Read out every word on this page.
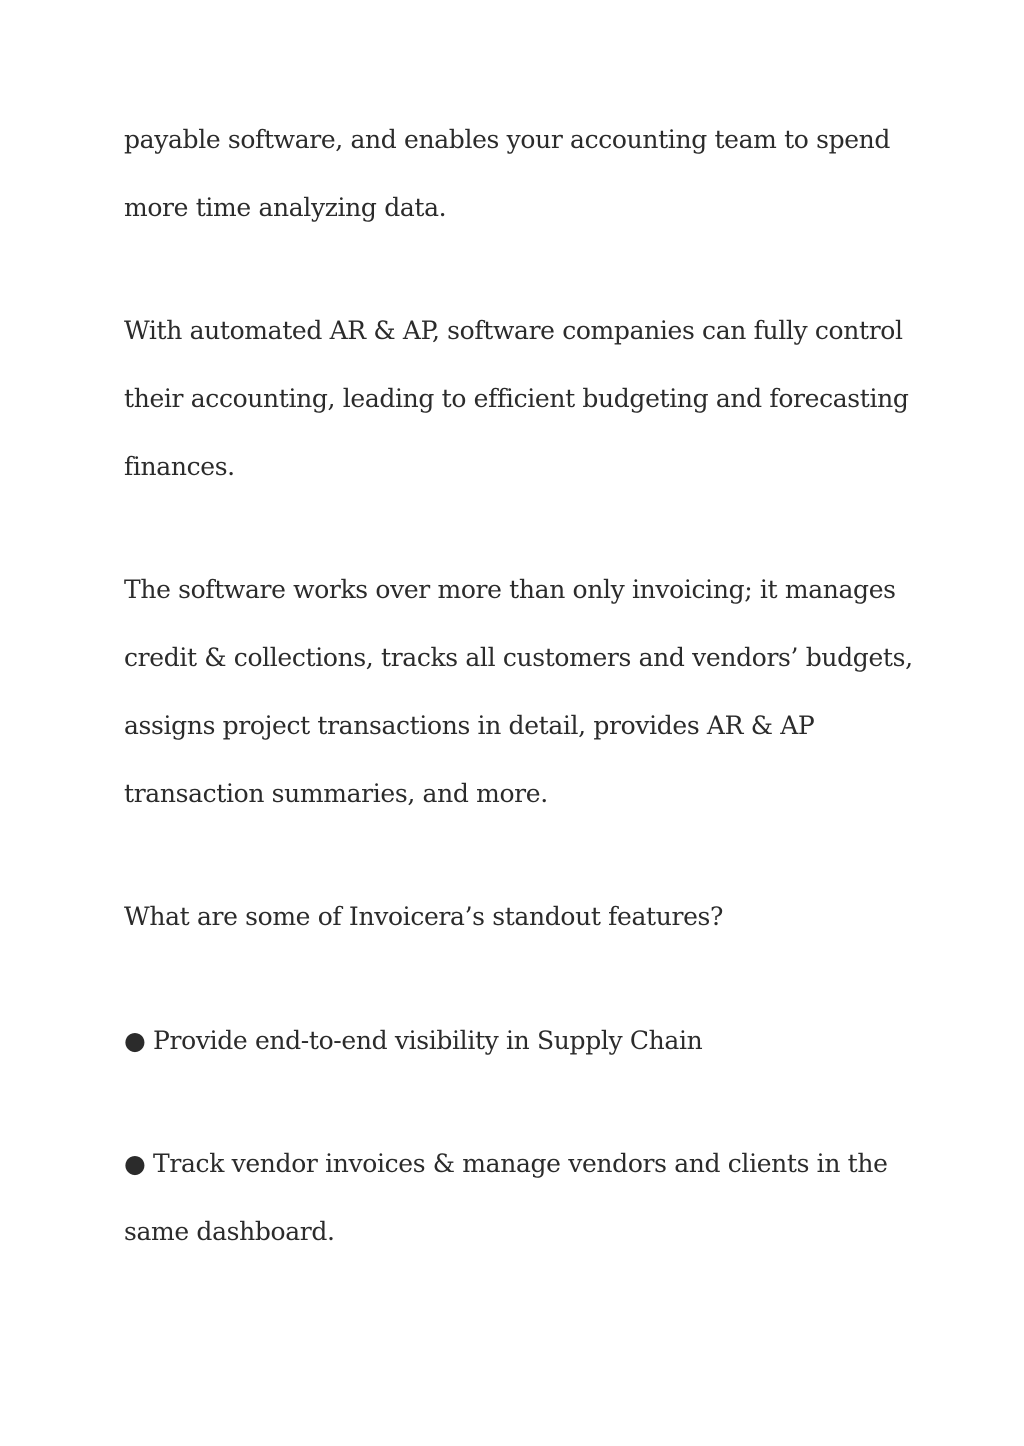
payable software, and enables your accounting team to spend

more time analyzing data.

With automated AR & AP, software companies can fully control

their accounting, leading to efficient budgeting and forecasting

finances.

The software works over more than only invoicing; it manages

credit & collections, tracks all customers and vendors’ budgets,

assigns project transactions in detail, provides AR & AP

transaction summaries, and more.

What are some of Invoicera’s standout features?

● Provide end-to-end visibility in Supply Chain

● Track vendor invoices & manage vendors and clients in the

same dashboard.
